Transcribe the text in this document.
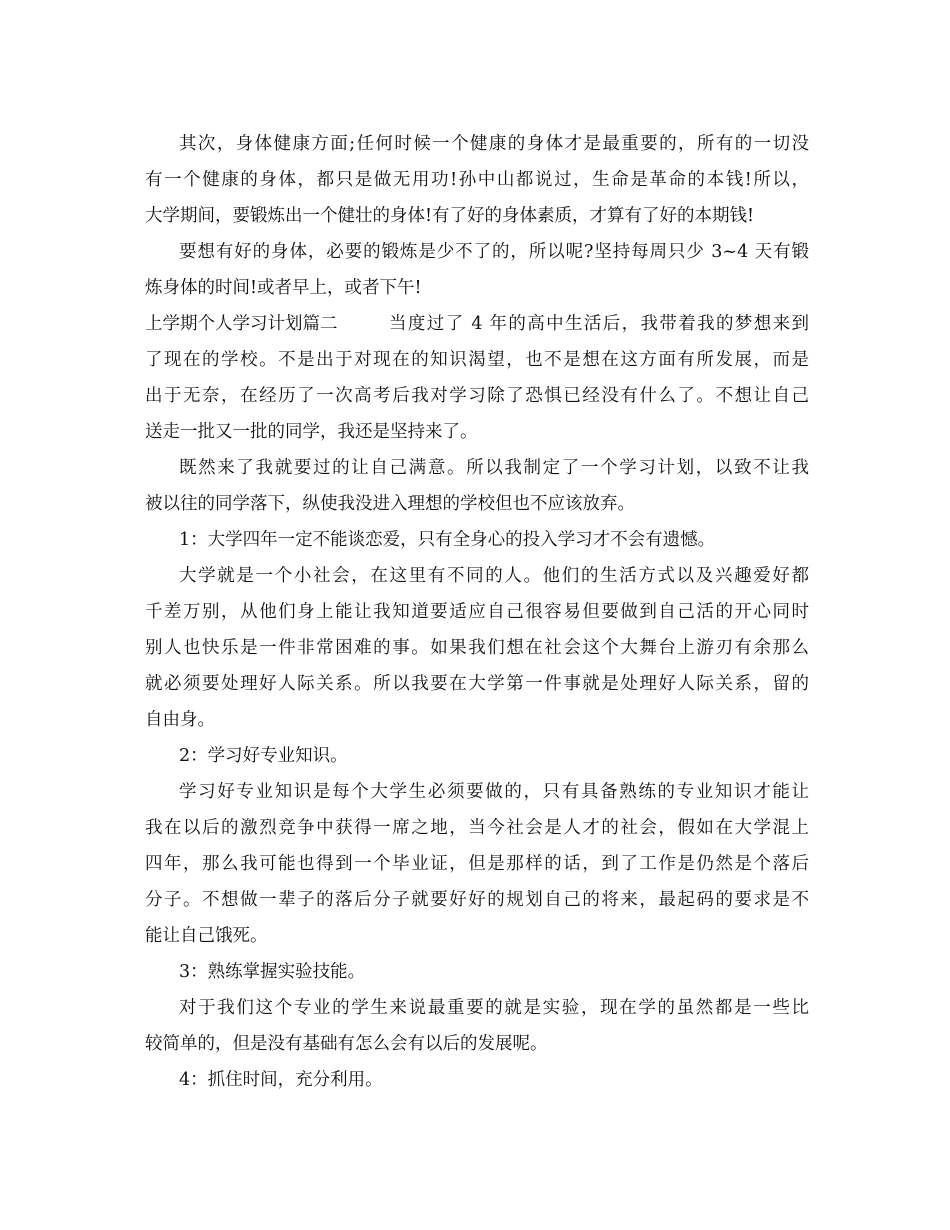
其次，身体健康方面;任何时候一个健康的身体才是最重要的，所有的一切没
有一个健康的身体，都只是做无用功!孙中山都说过，生命是革命的本钱!所以，
大学期间，要锻炼出一个健壮的身体!有了好的身体素质，才算有了好的本期钱!
要想有好的身体，必要的锻炼是少不了的，所以呢?坚持每周只少 3~4 天有锻
炼身体的时间!或者早上，或者下午!
上学期个人学习计划篇二	当度过了 4 年的高中生活后，我带着我的梦想来到
了现在的学校。不是出于对现在的知识渴望，也不是想在这方面有所发展，而是
出于无奈，在经历了一次高考后我对学习除了恐惧已经没有什么了。不想让自己
送走一批又一批的同学，我还是坚持来了。
既然来了我就要过的让自己满意。所以我制定了一个学习计划，以致不让我
被以往的同学落下，纵使我没进入理想的学校但也不应该放弃。
1：大学四年一定不能谈恋爱，只有全身心的投入学习才不会有遗憾。
大学就是一个小社会，在这里有不同的人。他们的生活方式以及兴趣爱好都
千差万别，从他们身上能让我知道要适应自己很容易但要做到自己活的开心同时
别人也快乐是一件非常困难的事。如果我们想在社会这个大舞台上游刃有余那么
就必须要处理好人际关系。所以我要在大学第一件事就是处理好人际关系，留的
自由身。
2：学习好专业知识。
学习好专业知识是每个大学生必须要做的，只有具备熟练的专业知识才能让
我在以后的激烈竞争中获得一席之地，当今社会是人才的社会，假如在大学混上
四年，那么我可能也得到一个毕业证，但是那样的话，到了工作是仍然是个落后
分子。不想做一辈子的落后分子就要好好的规划自己的将来，最起码的要求是不
能让自己饿死。
3：熟练掌握实验技能。
对于我们这个专业的学生来说最重要的就是实验，现在学的虽然都是一些比
较简单的，但是没有基础有怎么会有以后的发展呢。
4：抓住时间，充分利用。
